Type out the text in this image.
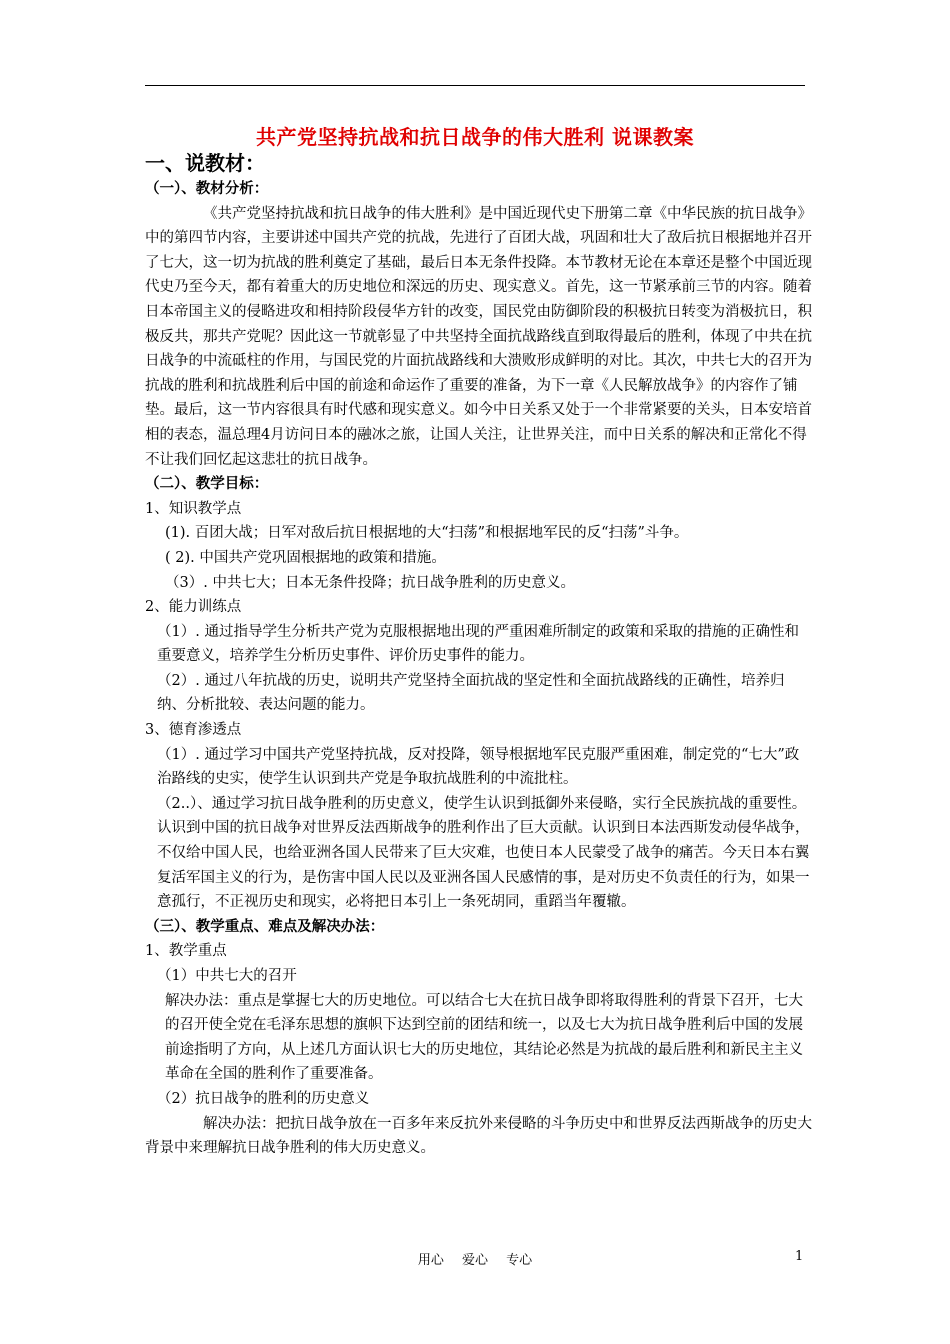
共产党坚持抗战和抗日战争的伟大胜利 说课教案
一、说教材：

（一）、教材分析：

《共产党坚持抗战和抗日战争的伟大胜利》是中国近现代史下册第二章《中华民族的抗日战争》中的第四节内容，主要讲述中国共产党的抗战，先进行了百团大战，巩固和壮大了敌后抗日根据地并召开了七大，这一切为抗战的胜利奠定了基础，最后日本无条件投降。本节教材无论在本章还是整个中国近现代史乃至今天，都有着重大的历史地位和深远的历史、现实意义。首先，这一节紧承前三节的内容。随着日本帝国主义的侵略进攻和相持阶段侵华方针的改变，国民党由防御阶段的积极抗日转变为消极抗日，积极反共，那共产党呢？因此这一节就彰显了中共坚持全面抗战路线直到取得最后的胜利，体现了中共在抗日战争的中流砥柱的作用，与国民党的片面抗战路线和大溃败形成鲜明的对比。其次，中共七大的召开为抗战的胜利和抗战胜利后中国的前途和命运作了重要的准备，为下一章《人民解放战争》的内容作了铺垫。最后，这一节内容很具有时代感和现实意义。如今中日关系又处于一个非常紧要的关头，日本安培首相的表态，温总理4月访问日本的融冰之旅，让国人关注，让世界关注，而中日关系的解决和正常化不得不让我们回忆起这悲壮的抗日战争。

（二）、教学目标：

1、知识教学点

(1). 百团大战；日军对敌后抗日根据地的大“扫荡”和根据地军民的反“扫荡”斗争。

( 2). 中国共产党巩固根据地的政策和措施。

（3）. 中共七大；日本无条件投降；抗日战争胜利的历史意义。

2、能力训练点

（1）. 通过指导学生分析共产党为克服根据地出现的严重困难所制定的政策和采取的措施的正确性和重要意义，培养学生分析历史事件、评价历史事件的能力。

（2）. 通过八年抗战的历史，说明共产党坚持全面抗战的坚定性和全面抗战路线的正确性，培养归纳、分析批较、表达问题的能力。

3、德育渗透点

（1）. 通过学习中国共产党坚持抗战，反对投降，领导根据地军民克服严重困难，制定党的“七大”政治路线的史实，使学生认识到共产党是争取抗战胜利的中流批柱。

（2..）、通过学习抗日战争胜利的历史意义，使学生认识到抵御外来侵略，实行全民族抗战的重要性。认识到中国的抗日战争对世界反法西斯战争的胜利作出了巨大贡献。认识到日本法西斯发动侵华战争，不仅给中国人民，也给亚洲各国人民带来了巨大灾难，也使日本人民蒙受了战争的痛苦。今天日本右翼复活军国主义的行为，是伤害中国人民以及亚洲各国人民感情的事，是对历史不负责任的行为，如果一意孤行，不正视历史和现实，必将把日本引上一条死胡同，重蹈当年覆辙。

（三）、教学重点、难点及解决办法：

1、教学重点

（1）中共七大的召开

解决办法：重点是掌握七大的历史地位。可以结合七大在抗日战争即将取得胜利的背景下召开，七大的召开使全党在毛泽东思想的旗帜下达到空前的团结和统一，以及七大为抗日战争胜利后中国的发展前途指明了方向，从上述几方面认识七大的历史地位，其结论必然是为抗战的最后胜利和新民主主义革命在全国的胜利作了重要准备。

（2）抗日战争的胜利的历史意义

解决办法：把抗日战争放在一百多年来反抗外来侵略的斗争历史中和世界反法西斯战争的历史大背景中来理解抗日战争胜利的伟大历史意义。

用心 爱心 专心	1
